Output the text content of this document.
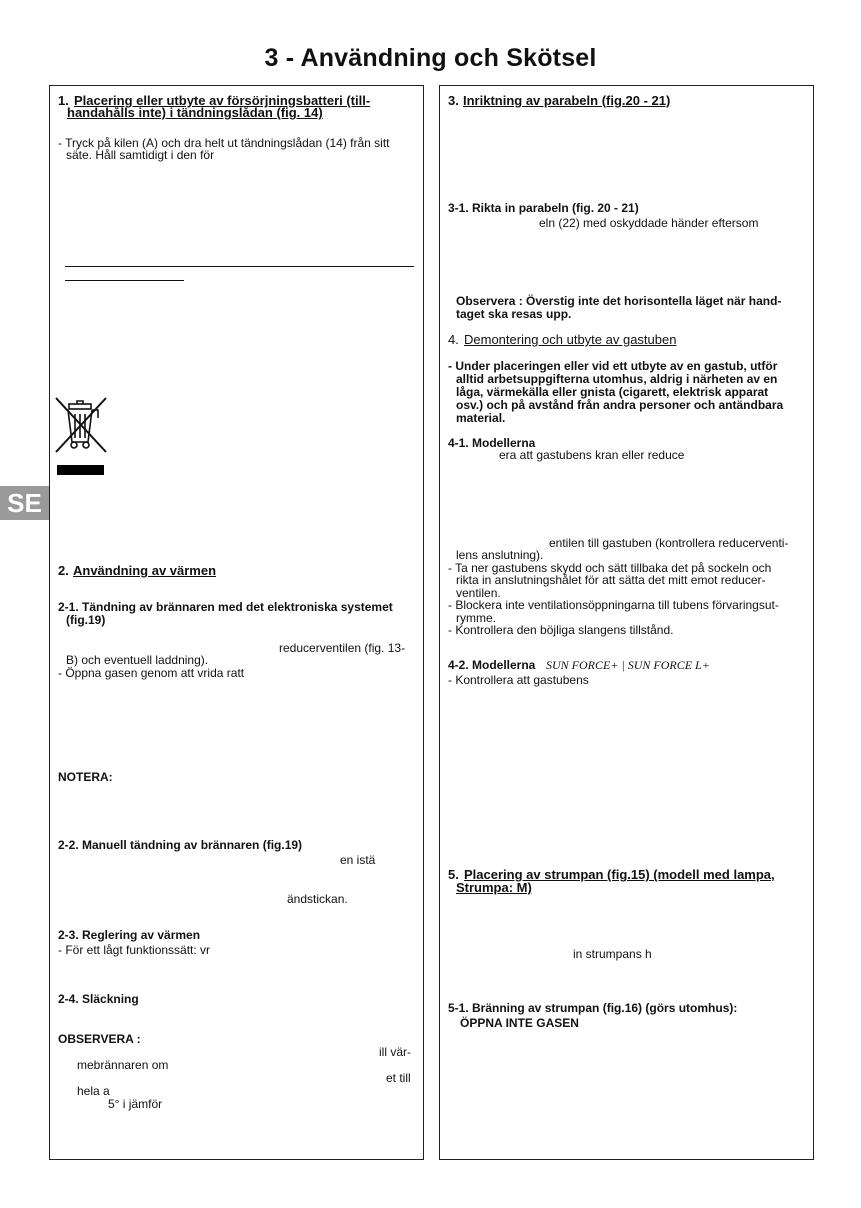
3 - Användning och Skötsel
SE
1. Placering eller utbyte av försörjningsbatteri (till-
handahålls inte) i tändningslådan (fig. 14)
- Tryck på kilen (A) och dra helt ut tändningslådan (14) från sitt
säte. Håll samtidigt i den för
2. Användning av värmen
2-1. Tändning av brännaren med det elektroniska systemet
(fig.19)
reducerventilen (fig. 13-
B) och eventuell laddning).
- Öppna gasen genom att vrida ratt
NOTERA:
2-2. Manuell tändning av brännaren (fig.19)
en istä
ändstickan.
2-3. Reglering av värmen
- För ett lågt funktionssätt: vr
2-4. Släckning
OBSERVERA :
ill vär-
mebrännaren om
et till
hela a
5° i jämför
3. Inriktning av parabeln (fig.20 - 21)
3-1. Rikta in parabeln (fig. 20 - 21)
eln (22) med oskyddade händer eftersom
Observera : Överstig inte det horisontella läget när hand-
taget ska resas upp.
4. Demontering och utbyte av gastuben
- Under placeringen eller vid ett utbyte av en gastub, utför
alltid arbetsuppgifterna utomhus, aldrig i närheten av en
låga, värmekälla eller gnista (cigarett, elektrisk apparat
osv.) och på avstånd från andra personer och antändbara
material.
4-1. Modellerna
era att gastubens kran eller reduce
entilen till gastuben (kontrollera reducerventi-
lens anslutning).
- Ta ner gastubens skydd och sätt tillbaka det på sockeln och
rikta in anslutningshålet för att sätta det mitt emot reducer-
ventilen.
- Blockera inte ventilationsöppningarna till tubens förvaringsut-
rymme.
- Kontrollera den böjliga slangens tillstånd.
4-2. Modellerna SUN FORCE+ | SUN FORCE L+
- Kontrollera att gastubens
5. Placering av strumpan (fig.15) (modell med lampa,
Strumpa: M)
in strumpans h
5-1. Bränning av strumpan (fig.16) (görs utomhus):
ÖPPNA INTE GASEN
